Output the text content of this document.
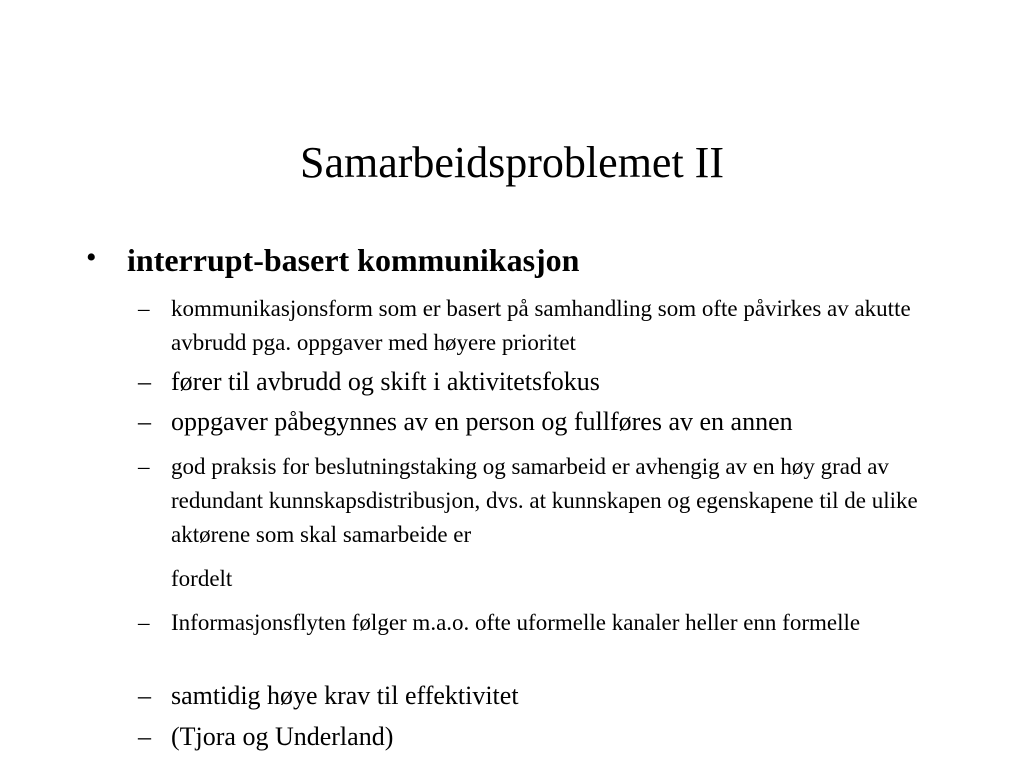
Samarbeidsproblemet II
• interrupt-basert kommunikasjon
– kommunikasjonsform som er basert på samhandling som ofte påvirkes av akutte avbrudd pga. oppgaver med høyere prioritet

– fører til avbrudd og skift i aktivitetsfokus

– oppgaver påbegynnes av en person og fullføres av en annen

– god praksis for beslutningstaking og samarbeid er avhengig av en høy grad av redundant kunnskapsdistribusjon, dvs. at kunnskapen og egenskapene til de ulike aktørene som skal samarbeide er

fordelt

– Informasjonsflyten følger m.a.o. ofte uformelle kanaler heller enn formelle

– samtidig høye krav til effektivitet

– (Tjora og Underland)
